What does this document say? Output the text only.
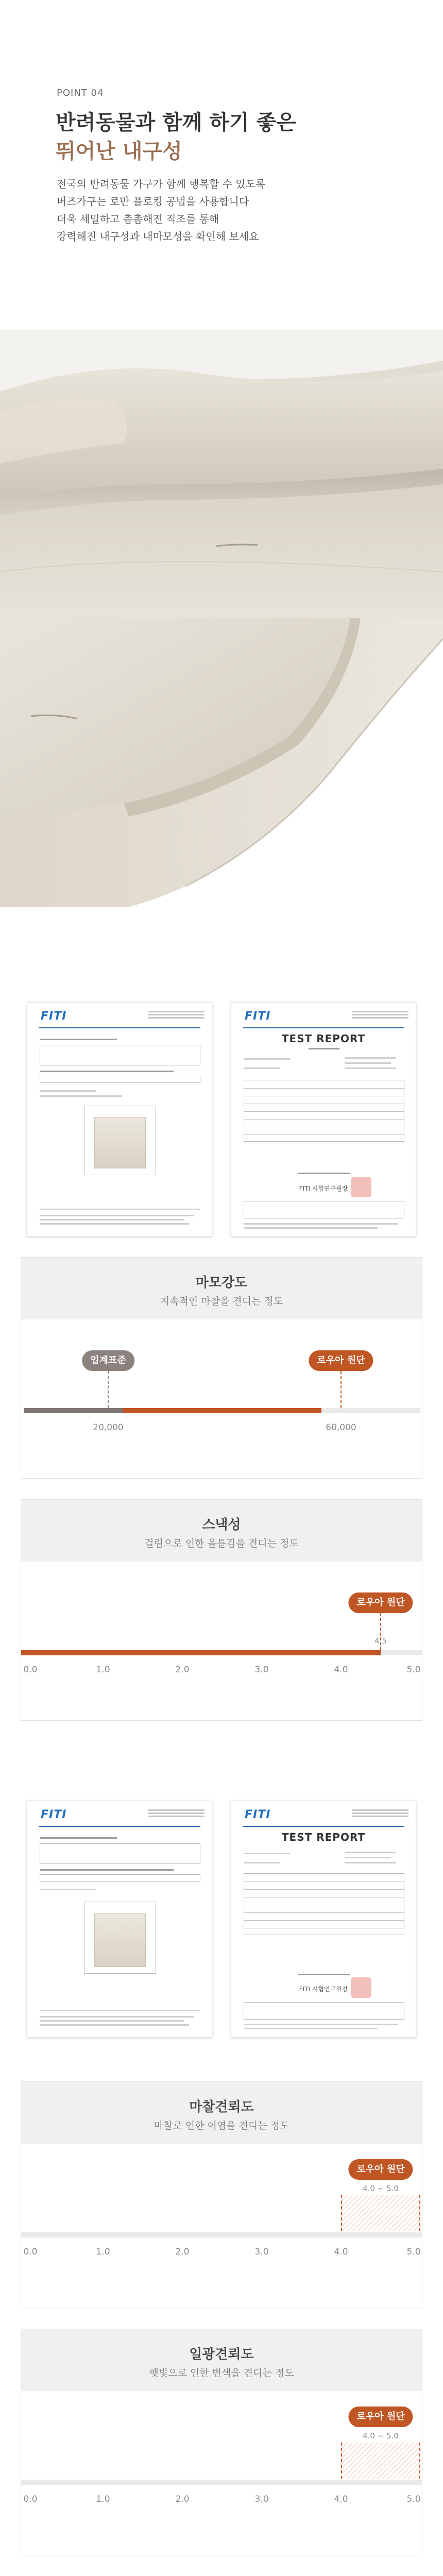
POINT 04
반려동물과 함께 하기 좋은
뛰어난 내구성
전국의 반려동물 가구가 함께 행복할 수 있도록
버즈가구는 로만 플로킹 공법을 사용합니다
더욱 세밀하고 촘촘해진 직조를 통해
강력해진 내구성과 내마모성을 확인해 보세요
FITI	FITI
TEST REPORT
FITI 시험연구원장
마모강도
지속적인 마찰을 견디는 정도
업계표준	로우아 원단
20,000	60,000
스낵성
걸림으로 인한 올튿김을 견디는 정도
로우아 원단
4.5
0.0	1.0	2.0	3.0	4.0	5.0
FITI	FITI
TEST REPORT
FITI 시험연구원장
마찰견뢰도
마찰로 인한 이염을 견디는 정도
로우아 원단
4.0 ~ 5.0
0.0	1.0	2.0	3.0	4.0	5.0
일광견뢰도
햇빛으로 인한 변색을 견디는 정도
로우아 원단
4.0 ~ 5.0
0.0	1.0	2.0	3.0	4.0	5.0
